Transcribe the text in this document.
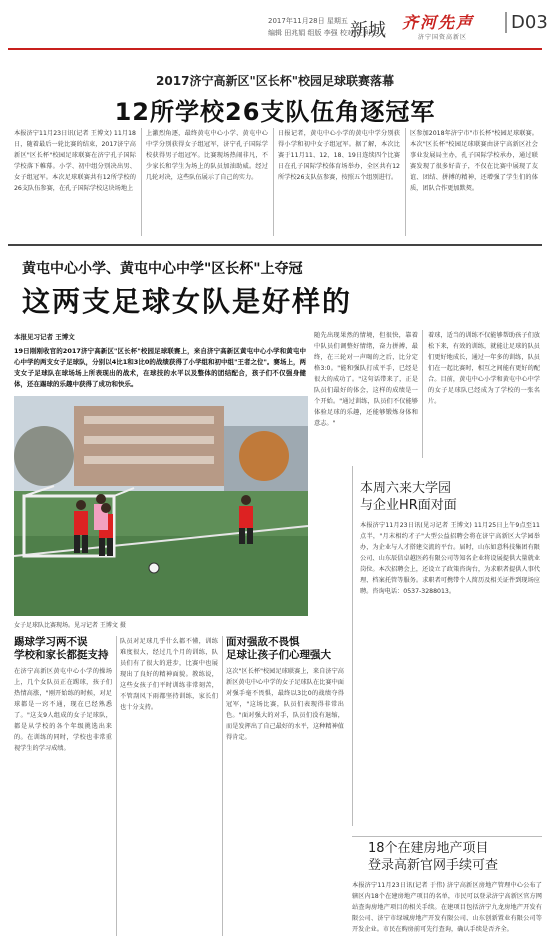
2017年11月28日 星期五
编辑 田兆娟 组版 李强 校对 王利文
新城 齐河先声
济宁国资高新区
D03
2017济宁高新区"区长杯"校园足球联赛落幕
12所学校26支队伍角逐冠军
本报济宁11月23日讯(记者 王博文) 11月18日，随着最后一轮比赛的结束，2017济宁高新区"区长杯"校园足球联赛在济宁孔子国际学校落下帷幕。小学、初中组分别决出男、女子组冠军。本次足球联赛共有12所学校的26支队伍参赛，在孔子国际学校这块场地上
上激烈角逐，最终黄屯中心小学、黄屯中心中学分别获得女子组冠军，济宁孔子国际学校获得男子组冠军。比赛现场热闹非凡，不少家长和学生为场上的队员加油助威。经过几轮对决，这些队伍展示了自己的实力。
日报记者，黄屯中心小学的黄屯中学分别获得小学和初中女子组冠军。据了解，本次比赛于11月11、12、18、19日连续四个比赛日在孔子国际学校体育场举办，全区共有12所学校26支队伍参赛，按照五个组别进行。
区参加2018年济宁市"市长杯"校园足球联赛。本次"区长杯"校园足球联赛由济宁高新区社会事业发展局主办，孔子国际学校承办，通过联赛发现了很多好苗子，不仅在比赛中展现了友谊、团结、拼搏的精神，还增强了学生们的体质，团队合作更加默契。
黄屯中心小学、黄屯中心中学"区长杯"上夺冠
这两支足球女队是好样的
本报见习记者 王博文
19日刚刚收官的2017济宁高新区"区长杯"校园足球联赛上，来自济宁高新区黄屯中心小学和黄屯中心中学的两支女子足球队，分别以4比1和3比0的战绩获得了小学组和初中组"王者之位"。赛场上，两支女子足球队在球场场上所表现出的战术，在球技的水平以及整体的团结配合，孩子们不仅强身健体，还在踢球的乐趣中获得了成功和快乐。
随先出现果然的情境，但很快，靠着中队员们调整好情绪，奋力拼搏，最终，在三轮对一声喝的之后，比分定格3:0。"能和强队打成平手，已经是很大的成功了。"这句话带来了，正是队员们最好的体会，这样的成绩是一个开始。"通过训练，队员们不仅能够体验足球的乐趣，还能够锻炼身体和意志。"
着球，适当的训练不仅能够帮助孩子们放松下来，有效的训练，就能让足球的队员们更好地成长，通过一年多的训练，队员们在一起比赛时，相互之间能有更好的配合。目前，黄屯中心小学和黄屯中心中学的女子足球队已经成为了学校的一张名片。
女子足球队比赛现场。见习记者 王博文 摄
踢球学习两不误
学校和家长都挺支持
在济宁高新区黄屯中心小学的操场上，几个女队员正在踢球，孩子们热情高涨，"刚开始练的时候，对足球都是一窍不通，现在已经熟悉了。"这支9人组成的女子足球队，都是从学校的各个年级挑选出来的。在训练的同时，学校也非常重视学生的学习成绩。
队员对足球几乎什么都不懂，训练难度很大，经过几个月的训练，队员们有了很大的进步，比赛中也展现出了良好的精神面貌。教练说，这些女孩子们平时训练非常刻苦，不管刮风下雨都坚持训练，家长们也十分支持。
面对强敌不畏惧
足球让孩子们心理强大
这次"区长杯"校园足球联赛上，来自济宁高新区黄屯中心中学的女子足球队在比赛中面对强手毫不畏惧，最终以3比0的战绩夺得冠军，"这场比赛，队员们表现得非常出色。"面对强大的对手，队员们没有退缩，而是发挥出了自己最好的水平，这种精神值得肯定。
本周六来大学园
与企业HR面对面
本报济宁11月23日讯(见习记者 王博文) 11月25日上午9点至11点半，"月末相约才子"大型公益招聘会将在济宁高新区大学园举办，为企业与人才搭建交流的平台。届时，山东如意科技集团有限公司、山东辰信卓越医药有限公司等知名企业将设展提供大量就业岗位。本次招聘会上，还设立了政策咨询台，为求职者提供人事代理、档案托管等服务。求职者可携带个人简历及相关证件到现场应聘。咨询电话：0537-3288013。
18个在建房地产项目
登录高新官网手续可查
本报济宁11月23日讯(记者 于伟) 济宁高新区房地产管理中心公布了辖区内18个在建房地产项目的名单，市民可以登录济宁高新区官方网站查询房地产项目的相关手续。在建项目包括济宁九龙房地产开发有限公司、济宁市绿城房地产开发有限公司、山东创新置业有限公司等开发企业。市民在购房前可先行查询，确认手续是否齐全。
